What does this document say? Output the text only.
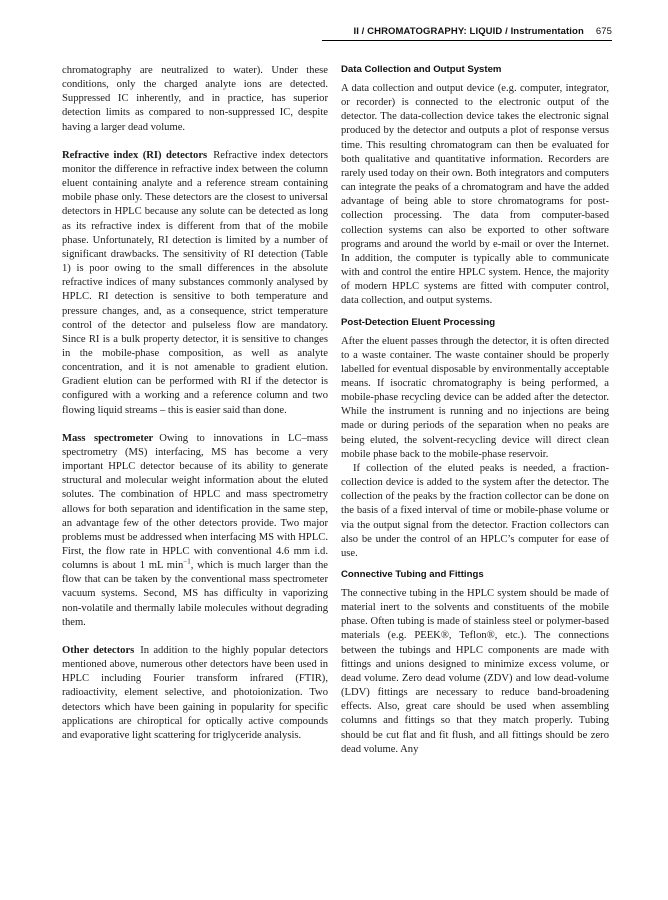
II / CHROMATOGRAPHY: LIQUID / Instrumentation 675

chromatography are neutralized to water). Under these conditions, only the charged analyte ions are detected. Suppressed IC inherently, and in practice, has superior detection limits as compared to non-suppressed IC, despite having a larger dead volume.

Refractive index (RI) detectors Refractive index detectors monitor the difference in refractive index between the column eluent containing analyte and a reference stream containing mobile phase only. These detectors are the closest to universal detectors in HPLC because any solute can be detected as long as its refractive index is different from that of the mobile phase. Unfortunately, RI detection is limited by a number of significant drawbacks. The sensitivity of RI detection (Table 1) is poor owing to the small differences in the absolute refractive indices of many substances commonly analysed by HPLC. RI detection is sensitive to both temperature and pressure changes, and, as a consequence, strict temperature control of the detector and pulseless flow are mandatory. Since RI is a bulk property detector, it is sensitive to changes in the mobile-phase composition, as well as analyte concentration, and it is not amenable to gradient elution. Gradient elution can be performed with RI if the detector is configured with a working and a reference column and two flowing liquid streams – this is easier said than done.

Mass spectrometer Owing to innovations in LC–mass spectrometry (MS) interfacing, MS has become a very important HPLC detector because of its ability to generate structural and molecular weight information about the eluted solutes. The combination of HPLC and mass spectrometry allows for both separation and identification in the same step, an advantage few of the other detectors provide. Two major problems must be addressed when interfacing MS with HPLC. First, the flow rate in HPLC with conventional 4.6 mm i.d. columns is about 1 mL $\min^{-1}$, which is much larger than the flow that can be taken by the conventional mass spectrometer vacuum systems. Second, MS has difficulty in vaporizing non-volatile and thermally labile molecules without degrading them.

Other detectors In addition to the highly popular detectors mentioned above, numerous other detectors have been used in HPLC including Fourier transform infrared (FTIR), radioactivity, element selective, and photoionization. Two detectors which have been gaining in popularity for specific applications are chiroptical for optically active compounds and evaporative light scattering for triglyceride analysis.

Data Collection and Output System

A data collection and output device (e.g. computer, integrator, or recorder) is connected to the electronic output of the detector. The data-collection device takes the electronic signal produced by the detector and outputs a plot of response versus time. This resulting chromatogram can then be evaluated for both qualitative and quantitative information. Recorders are rarely used today on their own. Both integrators and computers can integrate the peaks of a chromatogram and have the added advantage of being able to store chromatograms for post-collection processing. The data from computer-based collection systems can also be exported to other software programs and around the world by e-mail or over the Internet. In addition, the computer is typically able to communicate with and control the entire HPLC system. Hence, the majority of modern HPLC systems are fitted with computer control, data collection, and output systems.

Post-Detection Eluent Processing

After the eluent passes through the detector, it is often directed to a waste container. The waste container should be properly labelled for eventual disposable by environmentally acceptable means. If isocratic chromatography is being performed, a mobile-phase recycling device can be added after the detector. While the instrument is running and no injections are being made or during periods of the separation when no peaks are being eluted, the solvent-recycling device will direct clean mobile phase back to the mobile-phase reservoir.

If collection of the eluted peaks is needed, a fraction-collection device is added to the system after the detector. The collection of the peaks by the fraction collector can be done on the basis of a fixed interval of time or mobile-phase volume or via the output signal from the detector. Fraction collectors can also be under the control of an HPLC’s computer for ease of use.

Connective Tubing and Fittings

The connective tubing in the HPLC system should be made of material inert to the solvents and constituents of the mobile phase. Often tubing is made of stainless steel or polymer-based materials (e.g. PEEK®, Teflon®, etc.). The connections between the tubings and HPLC components are made with fittings and unions designed to minimize excess volume, or dead volume. Zero dead volume (ZDV) and low dead-volume (LDV) fittings are necessary to reduce band-broadening effects. Also, great care should be used when assembling columns and fittings so that they match properly. Tubing should be cut flat and fit flush, and all fittings should be zero dead volume. Any
